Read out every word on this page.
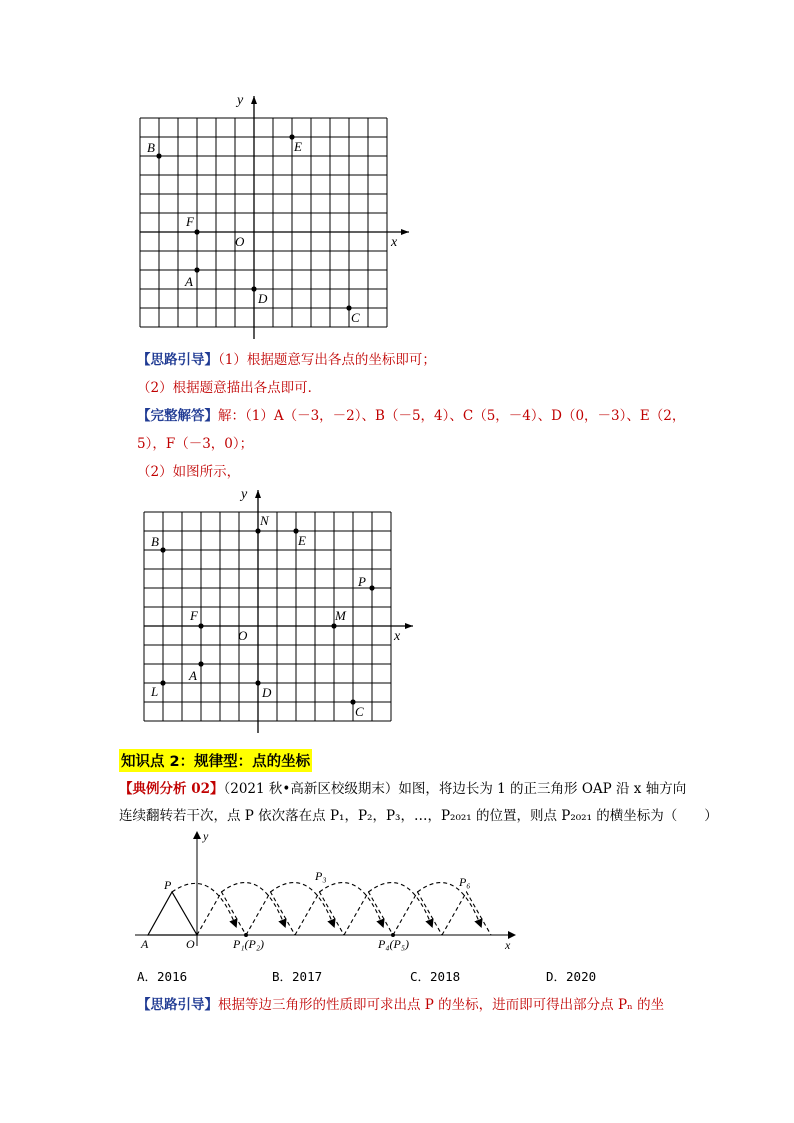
y
x
O
B	E
F
A
D
C
【思路引导】（1）根据题意写出各点的坐标即可；
（2）根据题意描出各点即可．
【完整解答】解：（1）A（－3，－2）、B（－5，4）、C（5，－4）、D（0，－3）、E（2，
5），F（－3，0）；
（2）如图所示，
y
x
O
N
E
B
P
M
F
A
L	D
C
知识点 2：规律型：点的坐标
【典例分析 02】（2021 秋•高新区校级期末）如图，将边长为 1 的正三角形 OAP 沿 x 轴方向
连续翻转若干次，点 P 依次落在点 P₁，P₂，P₃，…，P₂₀₂₁ 的位置，则点 P₂₀₂₁ 的横坐标为（　　）
A	O
P
y
x
P₁(P₂)	P₄(P₅)
P₃	P₆
A．2016	B．2017	C．2018	D．2020
【思路引导】根据等边三角形的性质即可求出点 P 的坐标，进而即可得出部分点 Pₙ 的坐
